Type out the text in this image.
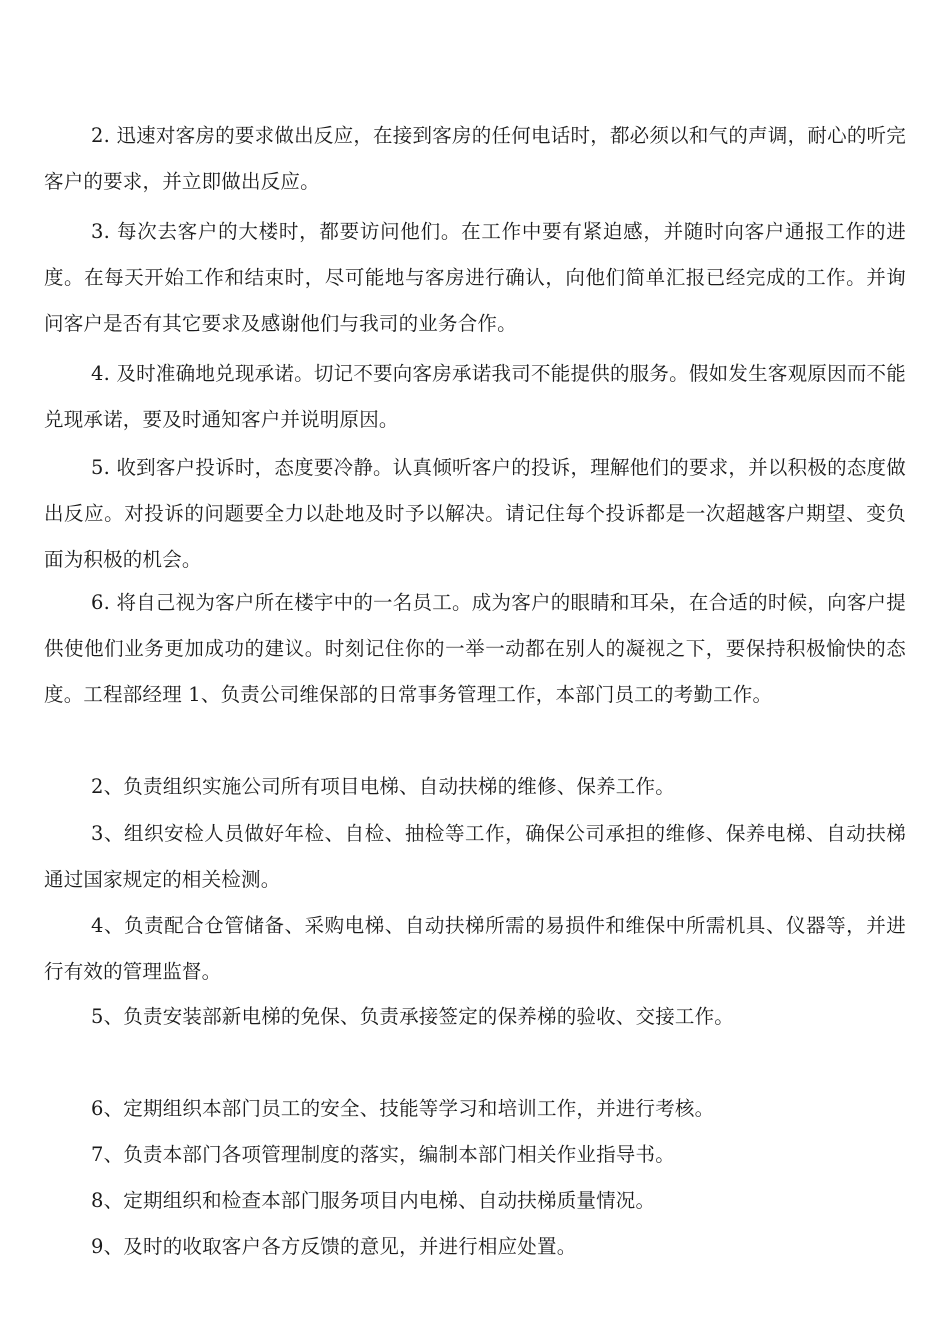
2. 迅速对客房的要求做出反应，在接到客房的任何电话时，都必须以和气的声调，耐心的听完客户的要求，并立即做出反应。

3. 每次去客户的大楼时，都要访问他们。在工作中要有紧迫感，并随时向客户通报工作的进度。在每天开始工作和结束时，尽可能地与客房进行确认，向他们简单汇报已经完成的工作。并询问客户是否有其它要求及感谢他们与我司的业务合作。

4. 及时准确地兑现承诺。切记不要向客房承诺我司不能提供的服务。假如发生客观原因而不能兑现承诺，要及时通知客户并说明原因。

5. 收到客户投诉时，态度要冷静。认真倾听客户的投诉，理解他们的要求，并以积极的态度做出反应。对投诉的问题要全力以赴地及时予以解决。请记住每个投诉都是一次超越客户期望、变负面为积极的机会。

6. 将自己视为客户所在楼宇中的一名员工。成为客户的眼睛和耳朵，在合适的时候，向客户提供使他们业务更加成功的建议。时刻记住你的一举一动都在别人的凝视之下，要保持积极愉快的态度。工程部经理 1、负责公司维保部的日常事务管理工作，本部门员工的考勤工作。

2、负责组织实施公司所有项目电梯、自动扶梯的维修、保养工作。

3、组织安检人员做好年检、自检、抽检等工作，确保公司承担的维修、保养电梯、自动扶梯通过国家规定的相关检测。

4、负责配合仓管储备、采购电梯、自动扶梯所需的易损件和维保中所需机具、仪器等，并进行有效的管理监督。

5、负责安装部新电梯的免保、负责承接签定的保养梯的验收、交接工作。

6、定期组织本部门员工的安全、技能等学习和培训工作，并进行考核。

7、负责本部门各项管理制度的落实，编制本部门相关作业指导书。

8、定期组织和检查本部门服务项目内电梯、自动扶梯质量情况。

9、及时的收取客户各方反馈的意见，并进行相应处置。
